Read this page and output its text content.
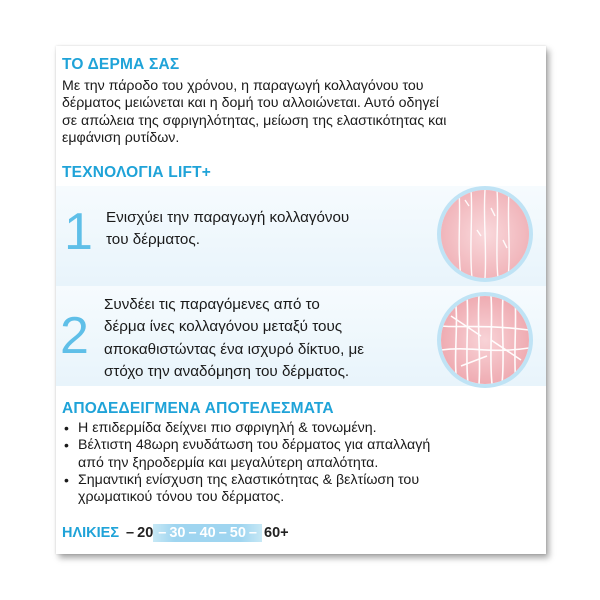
ΤΟ ΔΕΡΜΑ ΣΑΣ
Με την πάροδο του χρόνου, η παραγωγή κολλαγόνου του
δέρματος μειώνεται και η δομή του αλλοιώνεται. Αυτό οδηγεί
σε απώλεια της σφριγηλότητας, μείωση της ελαστικότητας και
εμφάνιση ρυτίδων.
ΤΕΧΝΟΛΟΓΙΑ LIFT+
1 Ενισχύει την παραγωγή κολλαγόνου
του δέρματος.
2
Συνδέει τις παραγόμενες από το
δέρμα ίνες κολλαγόνου μεταξύ τους
αποκαθιστώντας ένα ισχυρό δίκτυο, με
στόχο την αναδόμηση του δέρματος.
ΑΠΟΔΕΔΕΙΓΜΕΝΑ ΑΠΟΤΕΛΕΣΜΑΤΑ
• Η επιδερμίδα δείχνει πιο σφριγηλή & τονωμένη.
• Βέλτιστη 48ωρη ενυδάτωση του δέρματος για απαλλαγή
από την ξηροδερμία και μεγαλύτερη απαλότητα.
• Σημαντική ενίσχυση της ελαστικότητας & βελτίωση του
χρωματικού τόνου του δέρματος.
ΗΛΙΚΙΕΣ – 20 – 30 – 40 – 50 – 60+
